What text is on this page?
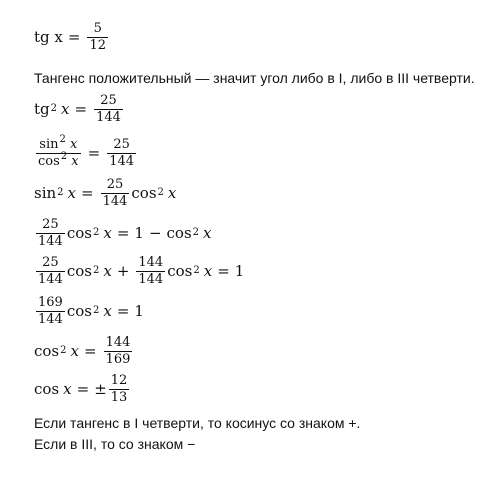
tg $x = \frac{5}{12}$
Тангенс положительный — значит угол либо в I, либо в III четверти.
$tg^2$ $x = \frac{25}{144}$
$\frac{\sin^2 x}{\cos^2 x} = \frac{25}{144}$
$\sin^2 x = \frac{25}{144} \cos^2 x$
$\frac{25}{144} \cos^2 x = 1 - \cos^2 x$
$\frac{25}{144} \cos^2 x + \frac{144}{144} \cos^2 x = 1$
$\frac{169}{144} \cos^2 x = 1$
$\cos^2 x = \frac{144}{169}$
cos x = ± $\frac{12}{13}$
Если тангенс в I четверти, то косинус со знаком +.
Если в III, то со знаком −
